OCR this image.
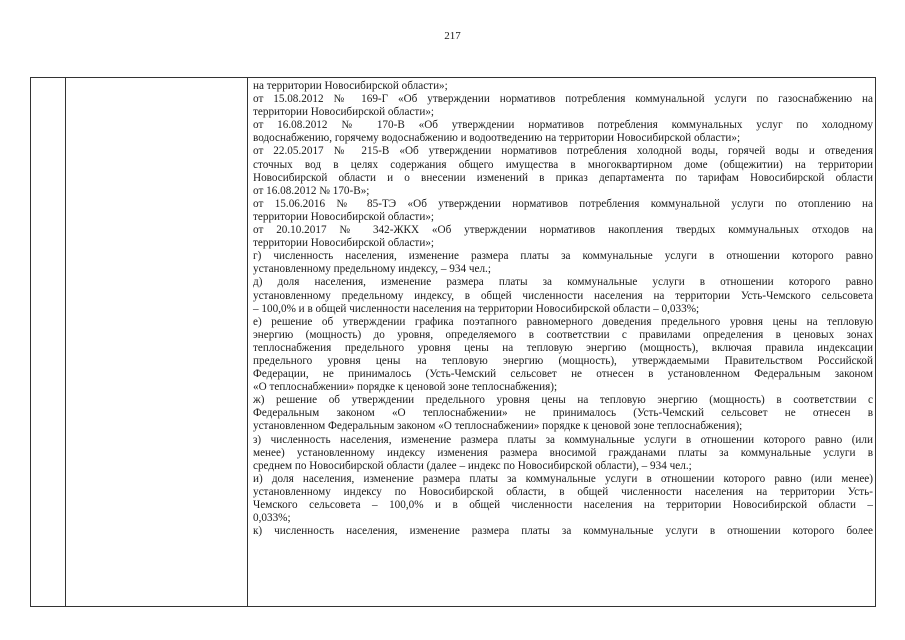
217
на территории Новосибирской области»;
от 15.08.2012 № 169-Г «Об утверждении нормативов потребления коммунальной услуги по газоснабжению на
территории Новосибирской области»;
от 16.08.2012 № 170-В «Об утверждении нормативов потребления коммунальных услуг по холодному
водоснабжению, горячему водоснабжению и водоотведению на территории Новосибирской области»;
от 22.05.2017 № 215-В «Об утверждении нормативов потребления холодной воды, горячей воды и отведения
сточных вод в целях содержания общего имущества в многоквартирном доме (общежитии) на территории
Новосибирской области и о внесении изменений в приказ департамента по тарифам Новосибирской области
от 16.08.2012 № 170-В»;
от 15.06.2016 № 85-ТЭ «Об утверждении нормативов потребления коммунальной услуги по отоплению на
территории Новосибирской области»;
от 20.10.2017 № 342-ЖКХ «Об утверждении нормативов накопления твердых коммунальных отходов на
территории Новосибирской области»;
г) численность населения, изменение размера платы за коммунальные услуги в отношении которого равно
установленному предельному индексу, – 934 чел.;
д) доля населения, изменение размера платы за коммунальные услуги в отношении которого равно
установленному предельному индексу, в общей численности населения на территории Усть-Чемского сельсовета
– 100,0% и в общей численности населения на территории Новосибирской области – 0,033%;
е) решение об утверждении графика поэтапного равномерного доведения предельного уровня цены на тепловую
энергию (мощность) до уровня, определяемого в соответствии с правилами определения в ценовых зонах
теплоснабжения предельного уровня цены на тепловую энергию (мощность), включая правила индексации
предельного уровня цены на тепловую энергию (мощность), утверждаемыми Правительством Российской
Федерации, не принималось (Усть-Чемский сельсовет не отнесен в установленном Федеральным законом
«О теплоснабжении» порядке к ценовой зоне теплоснабжения);
ж) решение об утверждении предельного уровня цены на тепловую энергию (мощность) в соответствии с
Федеральным законом «О теплоснабжении» не принималось (Усть-Чемский сельсовет не отнесен в
установленном Федеральным законом «О теплоснабжении» порядке к ценовой зоне теплоснабжения);
з) численность населения, изменение размера платы за коммунальные услуги в отношении которого равно (или
менее) установленному индексу изменения размера вносимой гражданами платы за коммунальные услуги в
среднем по Новосибирской области (далее – индекс по Новосибирской области), – 934 чел.;
и) доля населения, изменение размера платы за коммунальные услуги в отношении которого равно (или менее)
установленному индексу по Новосибирской области, в общей численности населения на территории Усть-
Чемского сельсовета – 100,0% и в общей численности населения на территории Новосибирской области –
0,033%;
к) численность населения, изменение размера платы за коммунальные услуги в отношении которого более
